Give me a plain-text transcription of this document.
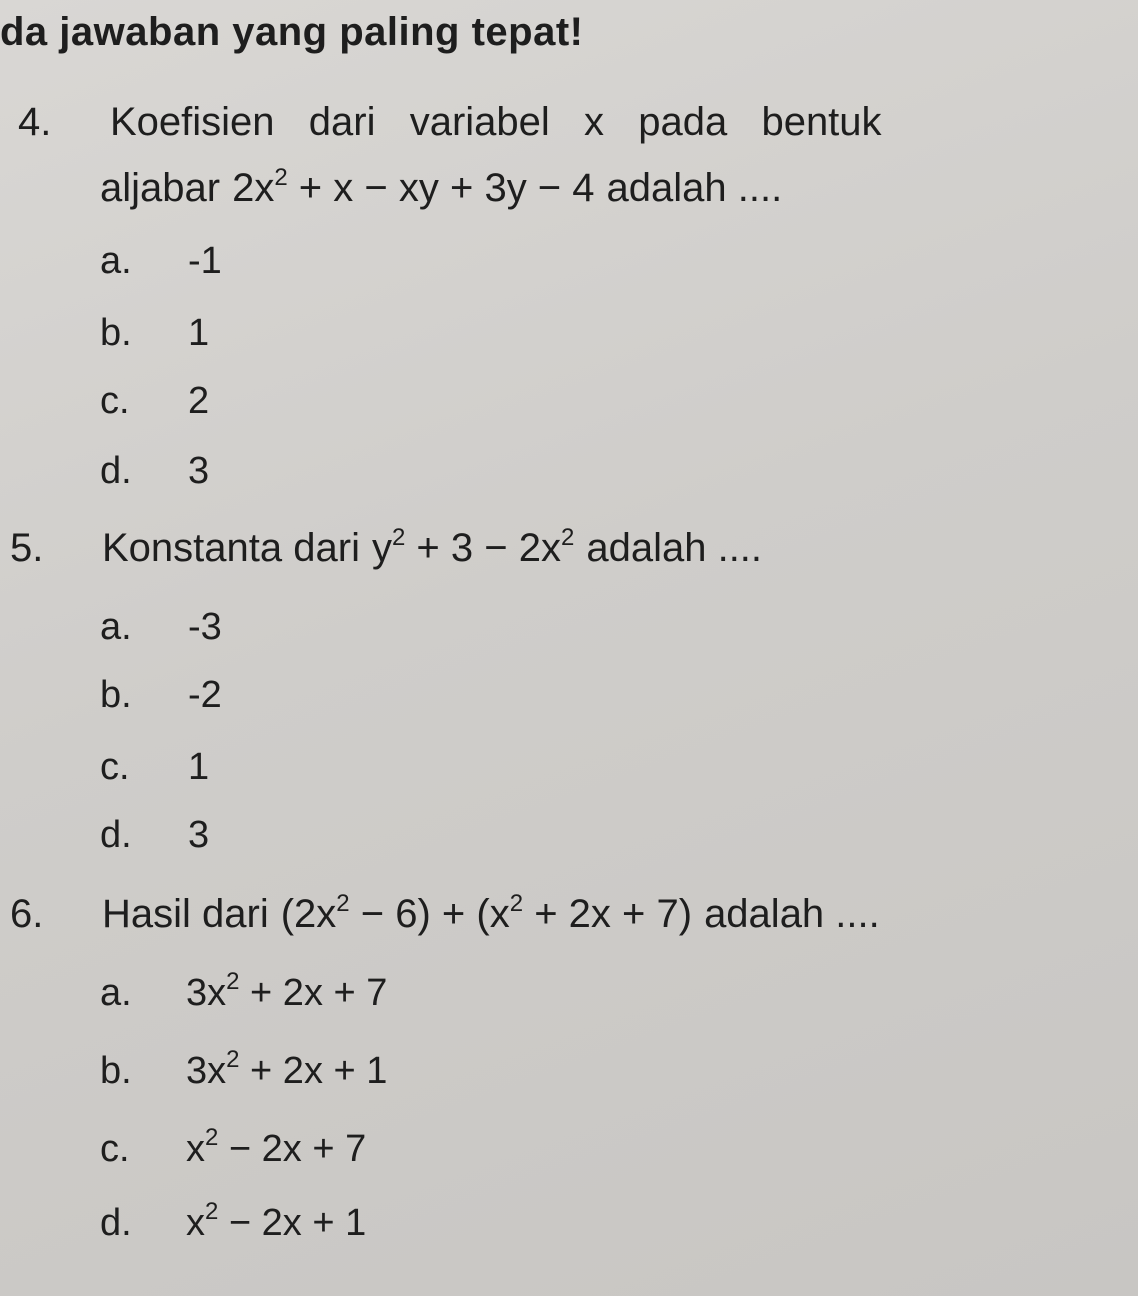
da jawaban yang paling tepat!
4. Koefisien  dari  variabel  x  pada  bentuk
aljabar $2x^2 + x$ − xy + 3y − 4 adalah ....
a. -1
b. 1
c. 2
d. 3
5. Konstanta dari $y^2 + 3 - 2x^2$ adalah ....
a. -3
b. -2
c. 1
d. 3
6. Hasil dari $(2x^2 - 6) + (x^2 + 2x + 7)$ adalah ....
a. $3x^2 + 2x + 7$
b. $3x^2 + 2x + 1$
c. $x^2 - 2x + 7$
d. $x^2 - 2x + 1$
